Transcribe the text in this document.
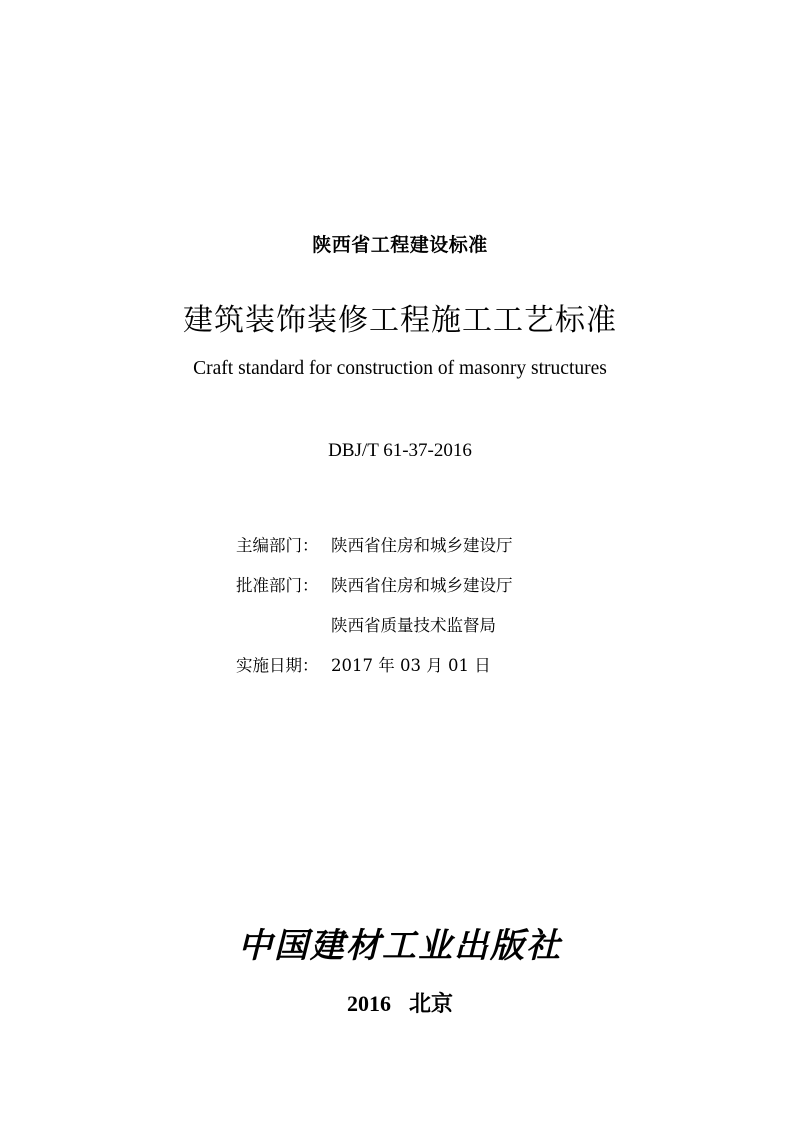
陕西省工程建设标准
建筑装饰装修工程施工工艺标准
Craft standard for construction of masonry structures
DBJ/T 61-37-2016
主编部门： 陕西省住房和城乡建设厅
批准部门： 陕西省住房和城乡建设厅
陕西省质量技术监督局
实施日期： 2017 年 03 月 01 日
中国建材工业出版社
2016 北京
